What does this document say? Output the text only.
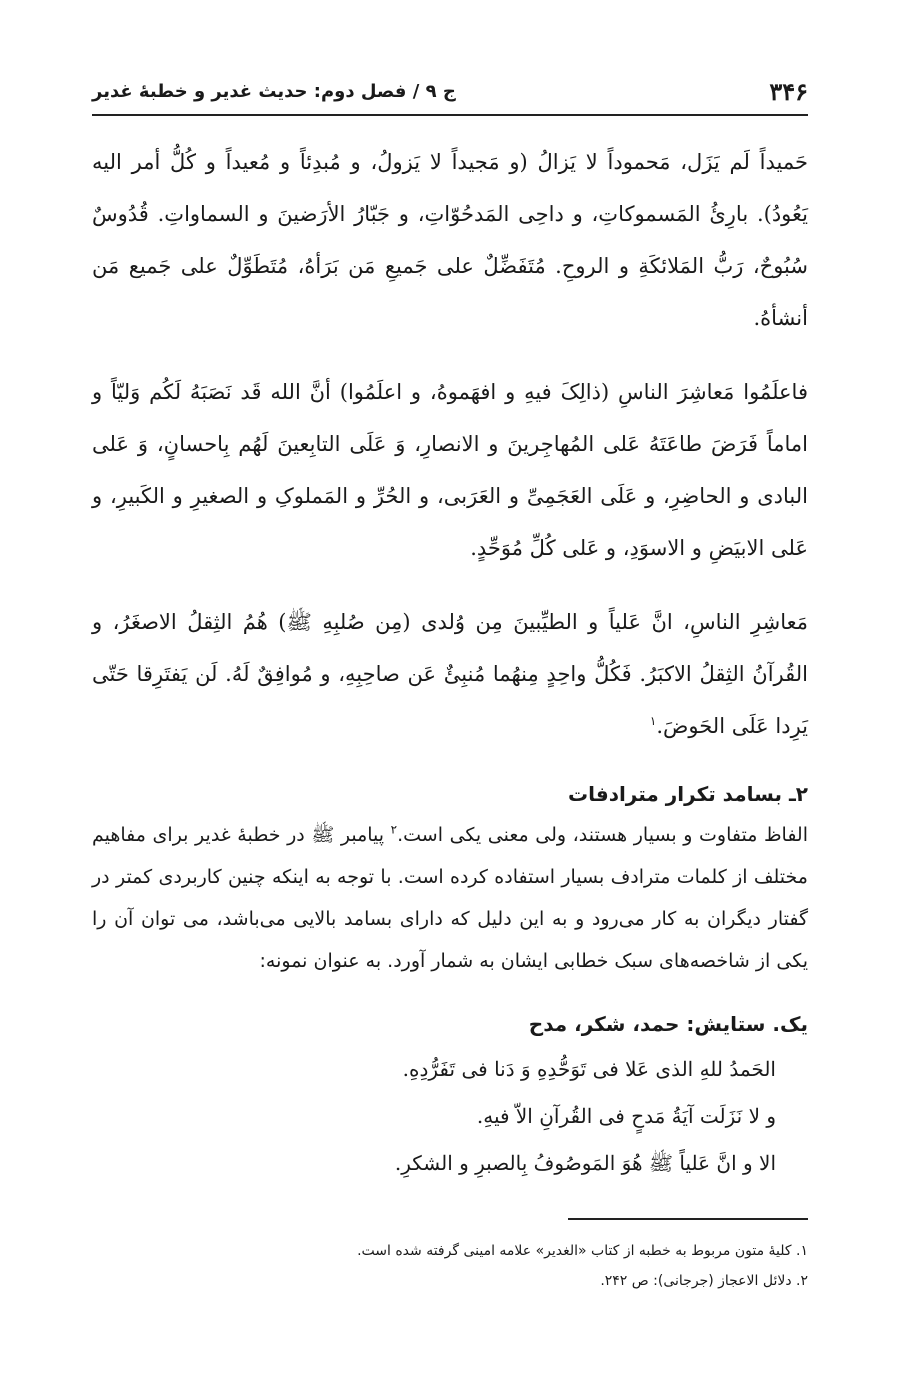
۳۴۶
ج ۹ / فصل دوم: حدیث غدیر و خطبهٔ غدیر

حَمیداً لَم یَزَل، مَحموداً لا یَزالُ (و مَجیداً لا یَزولُ، و مُبدِئاً و مُعیداً و کُلُّ أمر الیه یَعُودُ). بارِئُ المَسموکاتِ، و داحِی المَدحُوّاتِ، و جَبّارُ الأرَضینَ و السماواتِ. قُدُوسٌ سُبُوحٌ، رَبُّ المَلائکَةِ و الروحِ. مُتَفَضِّلٌ علی جَمیعِ مَن بَرَأهُ، مُتَطَوِّلٌ علی جَمیع مَن أنشأهُ.

فاعلَمُوا مَعاشِرَ الناسِ (ذالِکَ فیهِ و افهَموهُ، و اعلَمُوا) أنَّ الله قَد نَصَبَهُ لَکُم وَلیّاً و اماماً فَرَضَ طاعَتَهُ عَلی المُهاجِرینَ و الانصارِ، وَ عَلَی التابِعینَ لَهُم بِاحسانٍ، وَ عَلی البادی و الحاضِرِ، و عَلَی العَجَمِیِّ و العَرَبی، و الحُرِّ و المَملوکِ و الصغیرِ و الکَبیرِ، و عَلی الابیَضِ و الاسوَدِ، و عَلی کُلِّ مُوَحِّدٍ.

مَعاشِرِ الناسِ، انَّ عَلیاً و الطیِّبینَ مِن وُلدی (مِن صُلبِهِ ﷺ) هُمُ الثِقلُ الاصغَرُ، و القُرآنُ الثِقلُ الاکبَرُ. فَکُلُّ واحِدٍ مِنهُما مُنبِئٌ عَن صاحِبِهِ، و مُوافِقٌ لَهُ. لَن یَفتَرِقا حَتّی یَرِدا عَلَی الحَوضَ.$^۱$

۲ـ بسامد تکرار مترادفات

الفاظ متفاوت و بسیار هستند، ولی معنی یکی است.$^۲$ پیامبر ﷺ در خطبهٔ غدیر برای مفاهیم مختلف از کلمات مترادف بسیار استفاده کرده است. با توجه به اینکه چنین کاربردی کمتر در گفتار دیگران به کار می‌رود و به این دلیل که دارای بسامد بالایی می‌باشد، می توان آن را یکی از شاخصه‌های سبک خطابی ایشان به شمار آورد. به عنوان نمونه:

یک. ستایش: حمد، شکر، مدح

الحَمدُ للهِ الذی عَلا فی تَوَحُّدِهِ وَ دَنا فی تَفَرُّدِهِ.

و لا نَزَلَت آیَةُ مَدحٍ فی القُرآنِ الاّ فیهِ.

الا و انَّ عَلیاً ﷺ هُوَ المَوصُوفُ بِالصبرِ و الشکرِ.

۱. کلیهٔ متون مربوط به خطبه از کتاب «الغدیر» علامه امینی گرفته شده است.

۲. دلائل الاعجاز (جرجانی): ص ۲۴۲.
